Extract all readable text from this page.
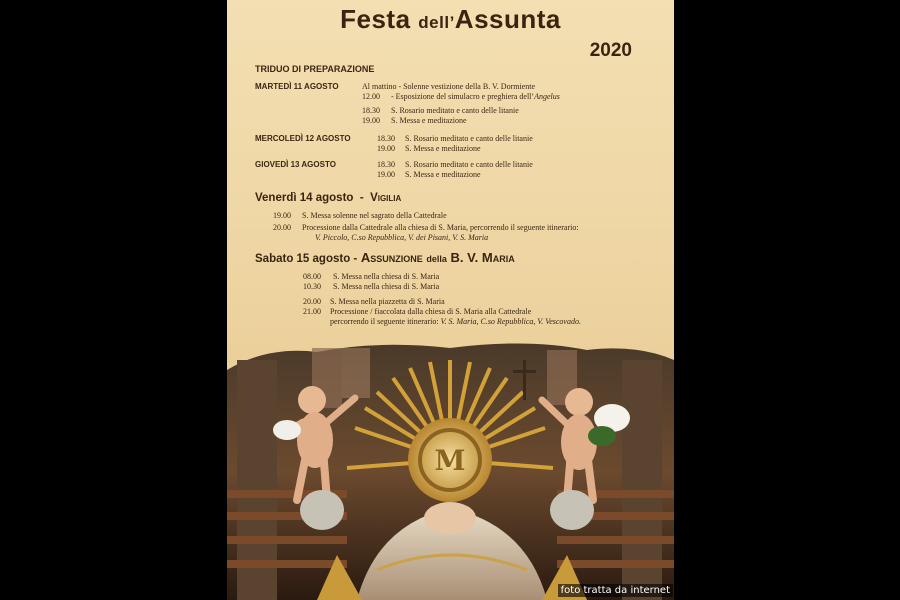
Festa dell’Assunta
2020
TRIDUO DI PREPARAZIONE
MARTEDÌ 11 AGOSTO	Al mattino - Solenne vestizione della B. V. Dormiente
12.00 - Esposizione del simulacro e preghiera dell’Angelus
18.30 S. Rosario meditato e canto delle litanie
19.00 S. Messa e meditazione
MERCOLEDÌ 12 AGOSTO	18.30 S. Rosario meditato e canto delle litanie
19.00 S. Messa e meditazione
GIOVEDÌ 13 AGOSTO	18.30 S. Rosario meditato e canto delle litanie
19.00 S. Messa e meditazione
Venerdì 14 agosto - Vigilia
19.00 S. Messa solenne nel sagrato della Cattedrale
20.00 Processione dalla Cattedrale alla chiesa di S. Maria, percorrendo il seguente itinerario:
V. Piccolo, C.so Repubblica, V. dei Pisani, V. S. Maria
Sabato 15 agosto - Assunzione della B. V. Maria
08.00 S. Messa nella chiesa di S. Maria
10.30 S. Messa nella chiesa di S. Maria
20.00 S. Messa nella piazzetta di S. Maria
21.00 Processione / fiaccolata dalla chiesa di S. Maria alla Cattedrale
percorrendo il seguente itinerario: V. S. Maria, C.so Repubblica, V. Vescovado.
M
foto tratta da internet
